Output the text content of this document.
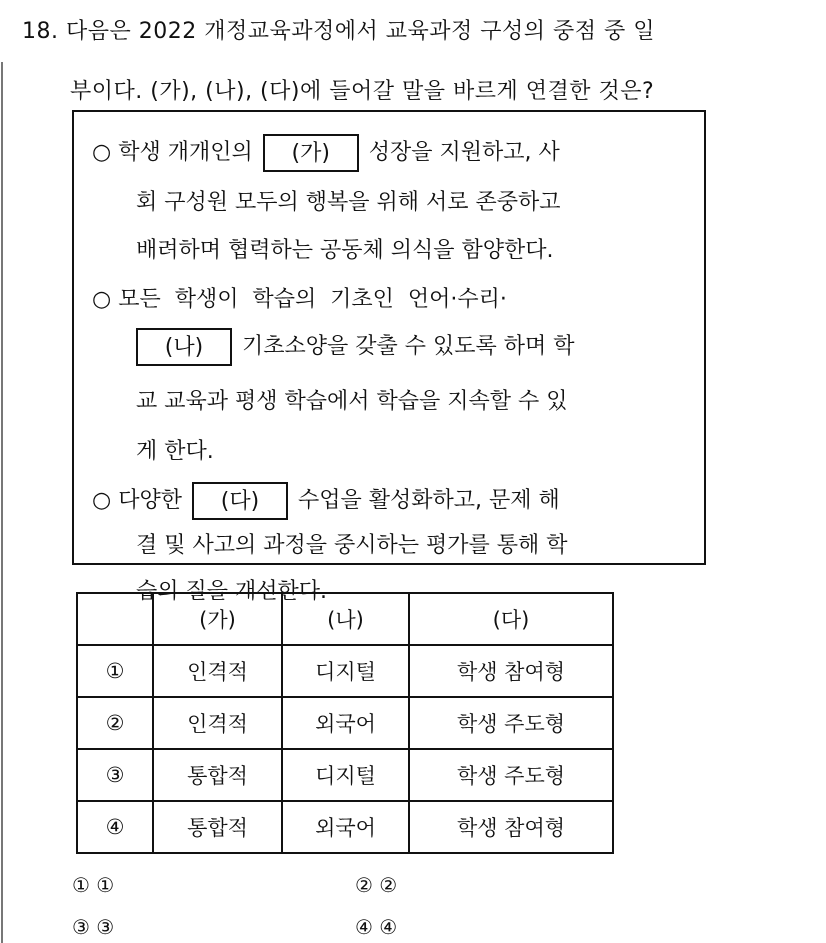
18. 다음은 2022 개정교육과정에서 교육과정 구성의 중점 중 일
부이다. (가), (나), (다)에 들어갈 말을 바르게 연결한 것은?
○ 학생 개개인의 (가) 성장을 지원하고, 사
회 구성원 모두의 행복을 위해 서로 존중하고
배려하며 협력하는 공동체 의식을 함양한다.
○ 모든  학생이  학습의  기초인  언어·수리·
(나) 기초소양을 갖출 수 있도록 하며 학
교 교육과 평생 학습에서 학습을 지속할 수 있
게 한다.
○ 다양한 (다) 수업을 활성화하고, 문제 해
결 및 사고의 과정을 중시하는 평가를 통해 학
습의 질을 개선한다.
	(가)	(나)	(다)
①	인격적	디지털	학생 참여형
②	인격적	외국어	학생 주도형
③	통합적	디지털	학생 주도형
④	통합적	외국어	학생 참여형
① ①	② ②
③ ③	④ ④
